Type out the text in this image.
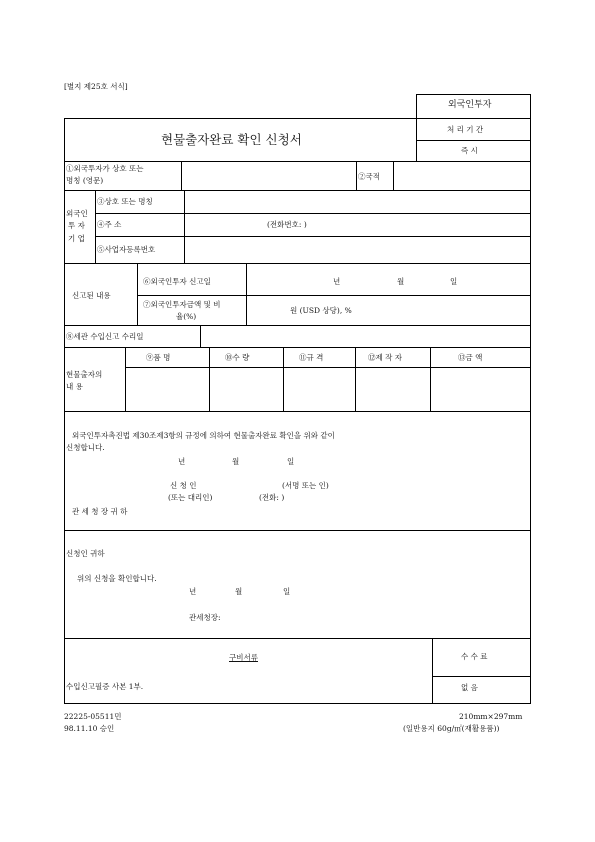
[별지 제25호 서식]
외국인투자
현물출자완료 확인 신청서
처 리 기 간
즉 시
①외국투자가 상호 또는
명칭 (영문)	②국적
외국인
투 자
기 업
③상호 또는 명칭
④주 소	(전화번호: )
⑤사업자등록번호
신고된 내용
⑥외국인투자 신고일	년	월	일
⑦외국인투자금액 및 비
율(%)
원 (USD 상당), %
⑧세관 수입신고 수리일
현물출자의
내 용
⑨품 명	⑩수 량	⑪규 격	⑫제 작 자	⑬금 액
외국인투자촉진법 제30조제3항의 규정에 의하여 현물출자완료 확인을 위와 같이
신청합니다.
년	월	일
신 청 인	(서명 또는 인)
(또는 대리인)	(전화: )
관 세 청 장 귀 하
신청인 귀하
위의 신청을 확인합니다.
년	월	일
관세청장:
구비서류
수입신고필증 사본 1부.
수 수 료
없 음
22225-05511민
98.11.10 승인
210mm×297mm
(일반용지 60g/㎡(재활용품))
